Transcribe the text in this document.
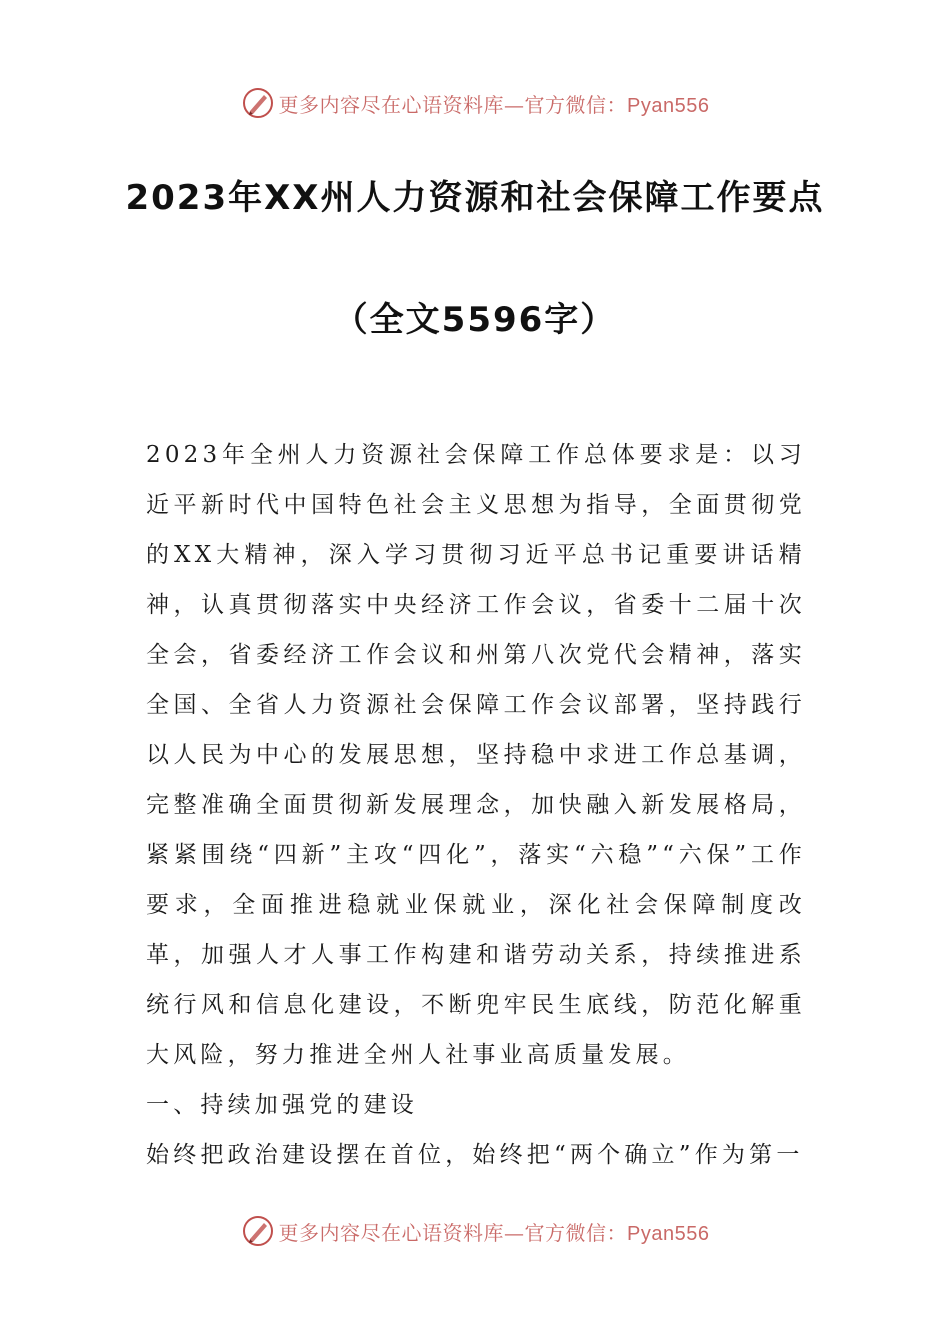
更多内容尽在心语资料库—官方微信：Pyan556
2023年XX州人力资源和社会保障工作要点
（全文5596字）

2023年全州人力资源社会保障工作总体要求是：以习近平新时代中国特色社会主义思想为指导，全面贯彻党的XX大精神，深入学习贯彻习近平总书记重要讲话精神，认真贯彻落实中央经济工作会议，省委十二届十次全会，省委经济工作会议和州第八次党代会精神，落实全国、全省人力资源社会保障工作会议部署，坚持践行以人民为中心的发展思想，坚持稳中求进工作总基调，完整准确全面贯彻新发展理念，加快融入新发展格局，紧紧围绕“四新”主攻“四化”，落实“六稳”“六保”工作要求，全面推进稳就业保就业，深化社会保障制度改革，加强人才人事工作构建和谐劳动关系，持续推进系统行风和信息化建设，不断兜牢民生底线，防范化解重大风险，努力推进全州人社事业高质量发展。

一、持续加强党的建设

始终把政治建设摆在首位，始终把“两个确立”作为第一

更多内容尽在心语资料库—官方微信：Pyan556
